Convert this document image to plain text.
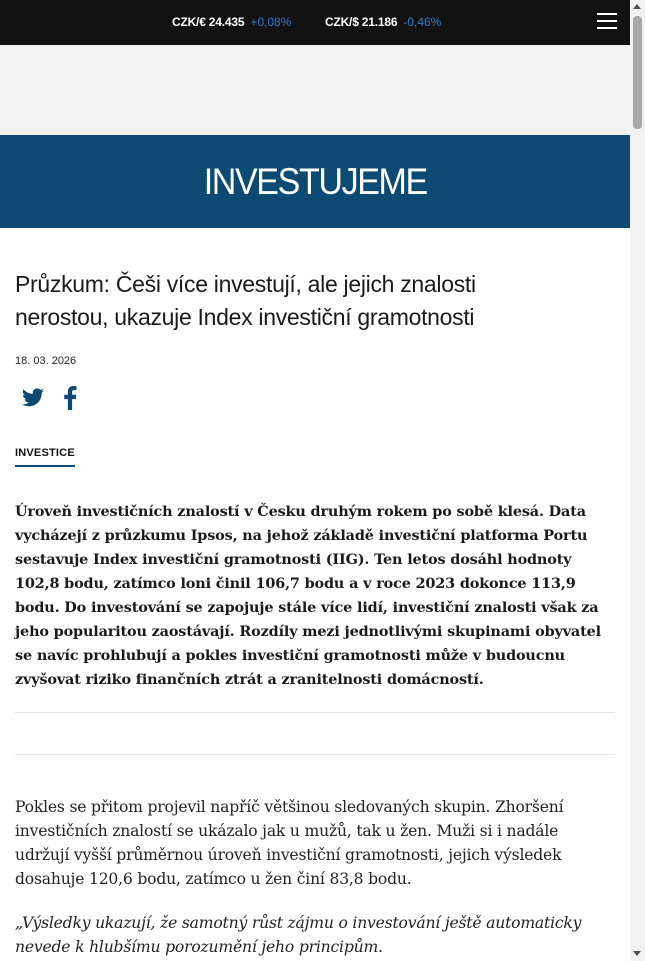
CZK/€ 24.435 +0,08%	CZK/$ 21.186 -0,46%
INVESTUJEME
Průzkum: Češi více investují, ale jejich znalosti nerostou, ukazuje Index investiční gramotnosti
18. 03. 2026
INVESTICE

Úroveň investičních znalostí v Česku druhým rokem po sobě klesá. Data vycházejí z průzkumu Ipsos, na jehož základě investiční platforma Portu sestavuje Index investiční gramotnosti (IIG). Ten letos dosáhl hodnoty 102,8 bodu, zatímco loni činil 106,7 bodu a v roce 2023 dokonce 113,9 bodu. Do investování se zapojuje stále více lidí, investiční znalosti však za jeho popularitou zaostávají. Rozdíly mezi jednotlivými skupinami obyvatel se navíc prohlubují a pokles investiční gramotnosti může v budoucnu zvyšovat riziko finančních ztrát a zranitelnosti domácností.

Pokles se přitom projevil napříč většinou sledovaných skupin. Zhoršení investičních znalostí se ukázalo jak u mužů, tak u žen. Muži si i nadále udržují vyšší průměrnou úroveň investiční gramotnosti, jejich výsledek dosahuje 120,6 bodu, zatímco u žen činí 83,8 bodu.

„Výsledky ukazují, že samotný růst zájmu o investování ještě automaticky nevede k hlubšímu porozumění jeho principům.
